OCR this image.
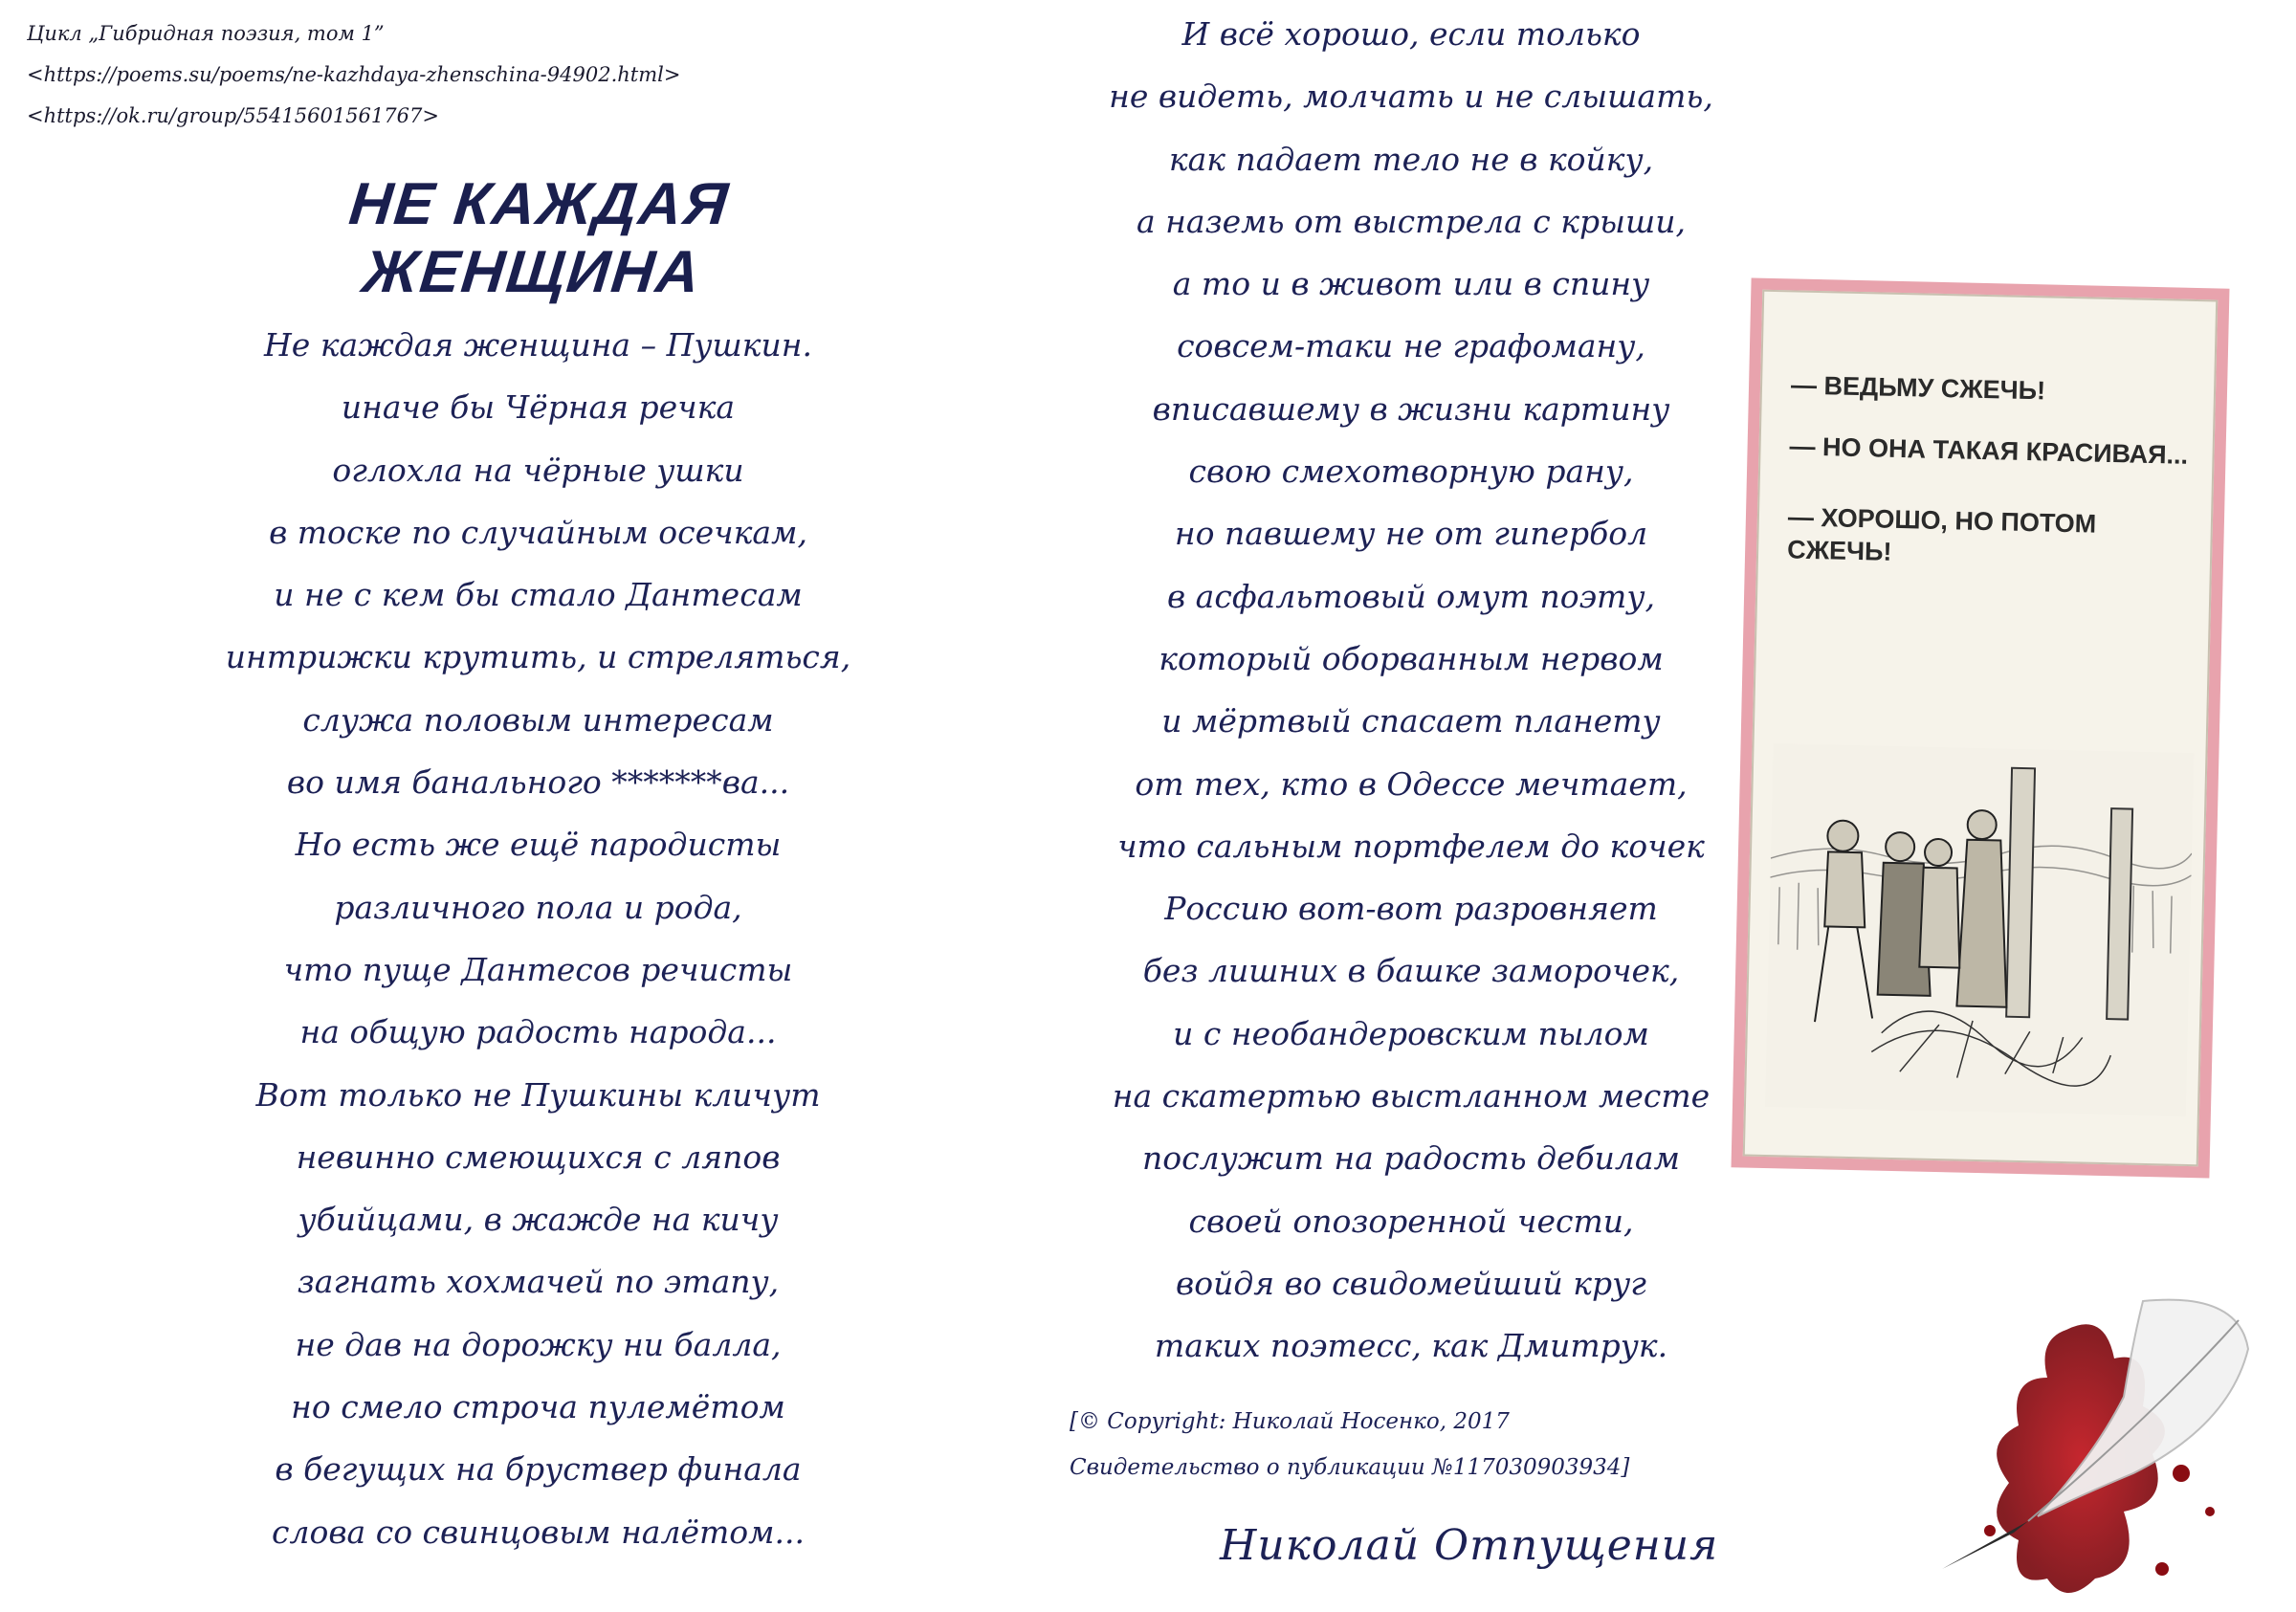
Цикл „Гибридная поэзия, том 1”
<https://poems.su/poems/ne-kazhdaya-zhenschina-94902.html>
<https://ok.ru/group/55415601561767>
НЕ КАЖДАЯ ЖЕНЩИНА
Не каждая женщина – Пушкин.
иначе бы Чёрная речка
оглохла на чёрные ушки
в тоске по случайным осечкам,
и не с кем бы стало Дантесам
интрижки крутить, и стреляться,
служа половым интересам
во имя банального *******ва...
Но есть же ещё пародисты
различного пола и рода,
что пуще Дантесов речисты
на общую радость народа...
Вот только не Пушкины кличут
невинно смеющихся с ляпов
убийцами, в жажде на кичу
загнать хохмачей по этапу,
не дав на дорожку ни балла,
но смело строча пулемётом
в бегущих на бруствер финала
слова со свинцовым налётом...
И всё хорошо, если только
не видеть, молчать и не слышать,
как падает тело не в койку,
а наземь от выстрела с крыши,
а то и в живот или в спину
совсем-таки не графоману,
вписавшему в жизни картину
свою смехотворную рану,
но павшему не от гипербол
в асфальтовый омут поэту,
который оборванным нервом
и мёртвый спасает планету
от тех, кто в Одессе мечтает,
что сальным портфелем до кочек
Россию вот-вот разровняет
без лишних в башке заморочек,
и с необандеровским пылом
на скатертью выстланном месте
послужит на радость дебилам
своей опозоренной чести,
войдя во свидомейший круг
таких поэтесс, как Дмитрук.
[© Copyright: Николай Носенко, 2017
Свидетельство о публикации №117030903934]
Николай Отпущения
— ВЕДЬМУ СЖЕЧЬ!
— НО ОНА ТАКАЯ КРАСИВАЯ...
— ХОРОШО, НО ПОТОМ СЖЕЧЬ!
